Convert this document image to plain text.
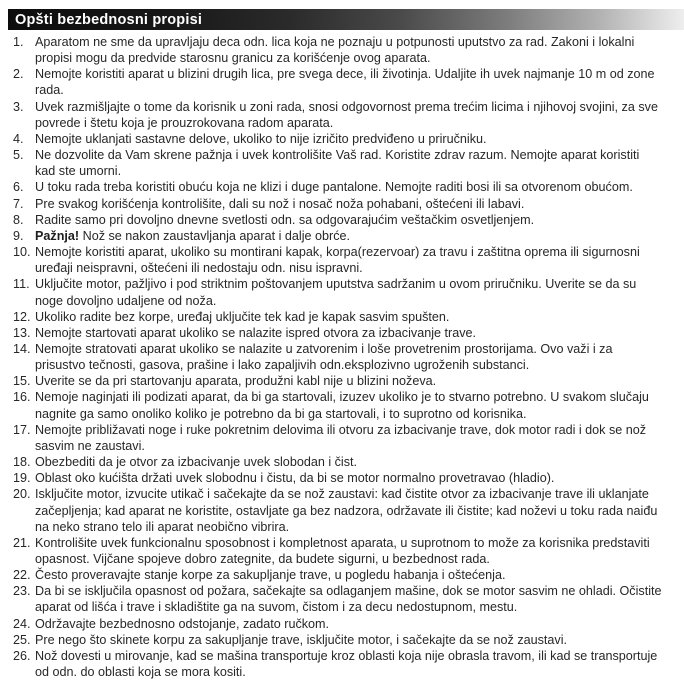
Opšti bezbednosni propisi
1. Aparatom ne sme da upravljaju deca odn. lica koja ne poznaju u potpunosti uputstvo za rad. Zakoni i lokalni propisi mogu da predvide starosnu granicu za korišćenje ovog aparata.
2. Nemojte koristiti aparat u blizini drugih lica, pre svega dece, ili životinja. Udaljite ih uvek najmanje 10 m od zone rada.
3. Uvek razmišljajte o tome da korisnik u zoni rada, snosi odgovornost prema trećim licima i njihovoj svojini, za sve povrede i štetu koja je prouzrokovana radom aparata.
4. Nemojte uklanjati sastavne delove, ukoliko to nije izričito predviđeno u priručniku.
5. Ne dozvolite da Vam skrene pažnja i uvek kontrolišite Vaš rad. Koristite zdrav razum. Nemojte aparat koristiti kad ste umorni.
6. U toku rada treba koristiti obuću koja ne klizi i duge pantalone. Nemojte raditi bosi ili sa otvorenom obućom.
7. Pre svakog korišćenja kontrolišite, dali su nož i nosač noža pohabani, oštećeni ili labavi.
8. Radite samo pri dovoljno dnevne svetlosti odn. sa odgovarajućim veštačkim osvetljenjem.
9. Pažnja! Nož se nakon zaustavljanja aparat i dalje obrće.
10. Nemojte koristiti aparat, ukoliko su montirani kapak, korpa(rezervoar) za travu i zaštitna oprema ili sigurnosni uređaji neispravni, oštećeni ili nedostaju odn. nisu ispravni.
11. Uključite motor, pažljivo i pod striktnim poštovanjem uputstva sadržanim u ovom priručniku. Uverite se da su noge dovoljno udaljene od noža.
12. Ukoliko radite bez korpe, uređaj uključite tek kad je kapak sasvim spušten.
13. Nemojte startovati aparat ukoliko se nalazite ispred otvora za izbacivanje trave.
14. Nemojte stratovati aparat ukoliko se nalazite u zatvorenim i loše provetrenim prostorijama. Ovo važi i za prisustvo tečnosti, gasova, prašine i lako zapaljivih odn.eksplozivno ugroženih substanci.
15. Uverite se da pri startovanju aparata, produžni kabl nije u blizini noževa.
16. Nemoje naginjati ili podizati aparat, da bi ga startovali, izuzev ukoliko je to stvarno potrebno. U svakom slučaju nagnite ga samo onoliko koliko je potrebno da bi ga startovali, i to suprotno od korisnika.
17. Nemojte približavati noge i ruke pokretnim delovima ili otvoru za izbacivanje trave, dok motor radi i dok se nož sasvim ne zaustavi.
18. Obezbediti da je otvor za izbacivanje uvek slobodan i čist.
19. Oblast oko kućišta držati uvek slobodnu i čistu, da bi se motor normalno provetravao (hladio).
20. Isključite motor, izvucite utikač i sačekajte da se nož zaustavi: kad čistite otvor za izbacivanje trave ili uklanjate začepljenja; kad aparat ne koristite, ostavljate ga bez nadzora, održavate ili čistite; kad noževi u toku rada naiđu na neko strano telo ili aparat neobično vibrira.
21. Kontrolišite uvek funkcionalnu sposobnost i kompletnost aparata, u suprotnom to može za korisnika predstaviti opasnost. Vijčane spojeve dobro zategnite, da budete sigurni, u bezbednost rada.
22. Često proveravajte stanje korpe za sakupljanje trave, u pogledu habanja i oštećenja.
23. Da bi se isključila opasnost od požara, sačekajte sa odlaganjem mašine, dok se motor sasvim ne ohladi. Očistite aparat od lišća i trave i skladištite ga na suvom, čistom i za decu nedostupnom, mestu.
24. Održavajte bezbednosno odstojanje, zadato ručkom.
25. Pre nego što skinete korpu za sakupljanje trave, isključite motor, i sačekajte da se nož zaustavi.
26. Nož dovesti u mirovanje, kad se mašina transportuje kroz oblasti koja nije obrasla travom, ili kad se transportuje od odn. do oblasti koja se mora kositi.
